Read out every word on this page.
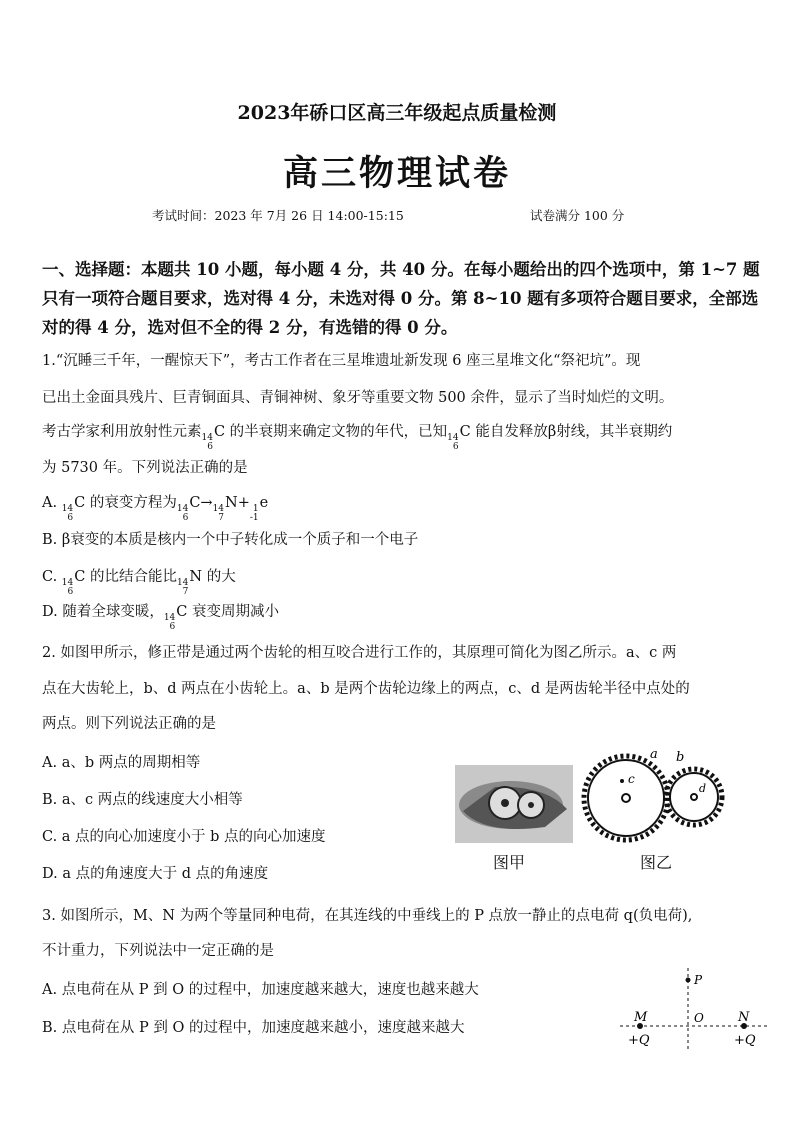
2023年硚口区高三年级起点质量检测
高三物理试卷
考试时间：2023 年 7月 26 日 14:00-15:15	试卷满分 100 分
一、选择题：本题共 10 小题，每小题 4 分，共 40 分。在每小题给出的四个选项中，第 1~7 题只有一项符合题目要求，选对得 4 分，未选对得 0 分。第 8~10 题有多项符合题目要求，全部选对的得 4 分，选对但不全的得 2 分，有选错的得 0 分。
1.“沉睡三千年，一醒惊天下”，考古工作者在三星堆遗址新发现 6 座三星堆文化“祭祀坑”。现
已出土金面具残片、巨青铜面具、青铜神树、象牙等重要文物 500 余件，显示了当时灿烂的文明。
考古学家利用放射性元素 14
6
C 的半衰期来确定文物的年代，已知 14
6
C 能自发释放β射线，其半衰期约
为 5730 年。下列说法正确的是
A. 14
6
C 的衰变方程为 14
6
C→ 14
7
N+ 1
-1
e
B. β衰变的本质是核内一个中子转化成一个质子和一个电子
C. 14
6
C 的比结合能比 14
7
N 的大
D. 随着全球变暖， 14
6
C 衰变周期减小
2. 如图甲所示，修正带是通过两个齿轮的相互咬合进行工作的，其原理可简化为图乙所示。a、c 两
点在大齿轮上，b、d 两点在小齿轮上。a、b 是两个齿轮边缘上的两点，c、d 是两齿轮半径中点处的
两点。则下列说法正确的是
A. a、b 两点的周期相等
B. a、c 两点的线速度大小相等
C. a 点的向心加速度小于 b 点的向心加速度
D. a 点的角速度大于 d 点的角速度
图甲
c
a b
d
图乙
3. 如图所示，M、N 为两个等量同种电荷，在其连线的中垂线上的 P 点放一静止的点电荷 q(负电荷),
不计重力，下列说法中一定正确的是
A. 点电荷在从 P 到 O 的过程中，加速度越来越大，速度也越来越大
B. 点电荷在从 P 到 O 的过程中，加速度越来越小，速度越来越大
P
M	O	N
+Q	+Q
